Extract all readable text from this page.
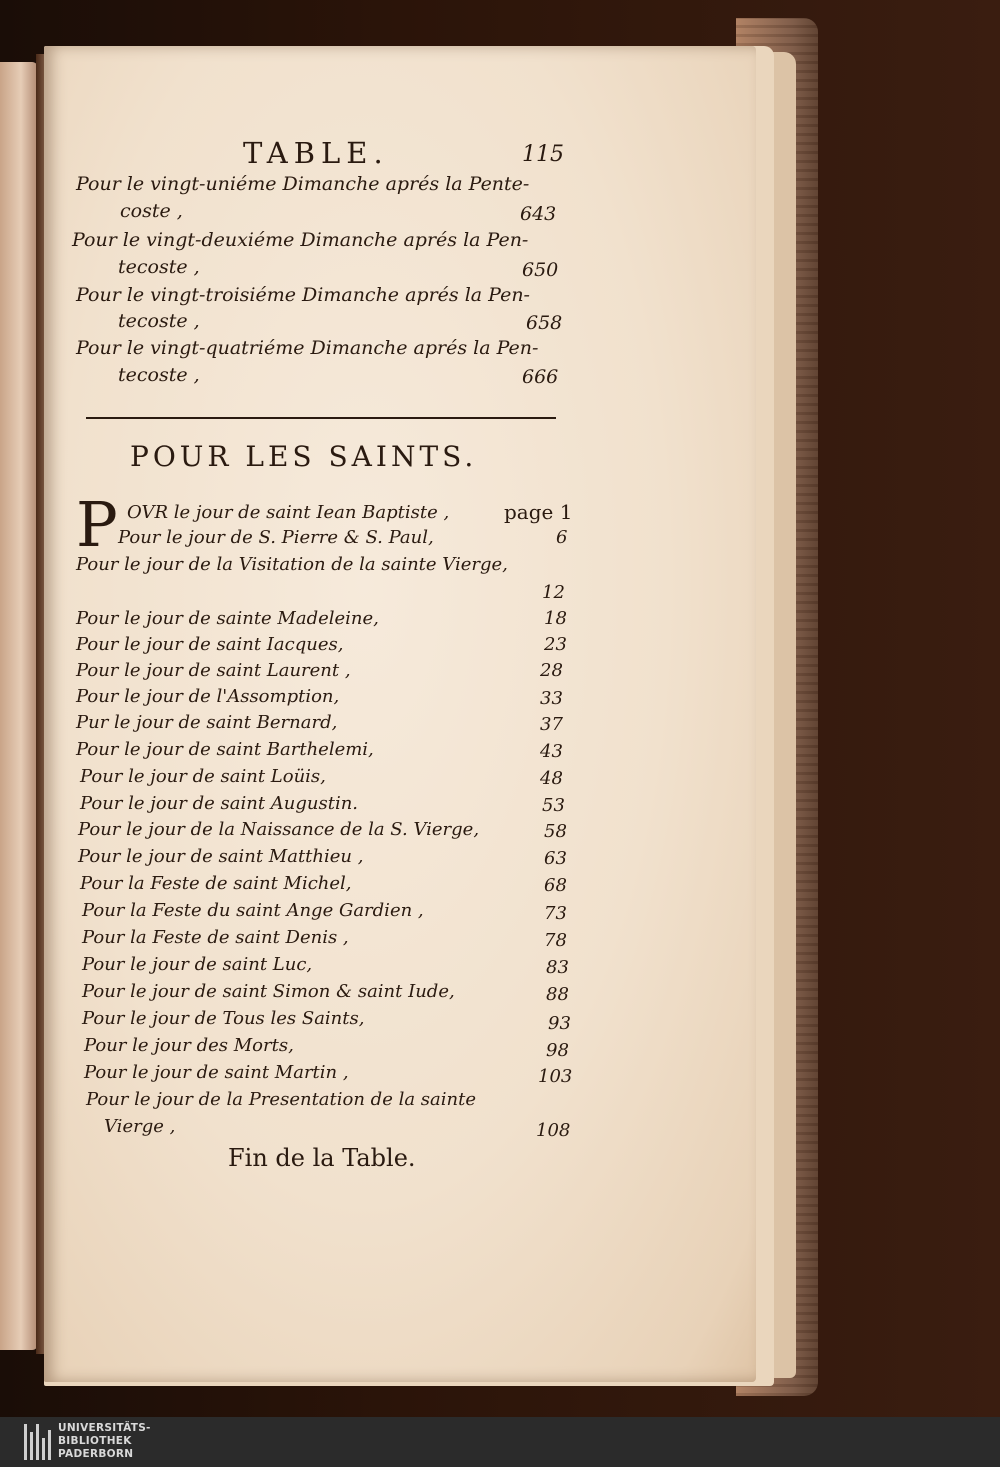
TABLE.	115
Pour le vingt-uniéme Dimanche aprés la Pente-
coste ,	643
Pour le vingt-deuxiéme Dimanche aprés la Pen-
tecoste ,	650
Pour le vingt-troisiéme Dimanche aprés la Pen-
tecoste ,	658
Pour le vingt-quatriéme Dimanche aprés la Pen-
tecoste ,	666
POUR LES SAINTS.
P OVR le jour de saint Iean Baptiste ,	page 1
Pour le jour de S. Pierre & S. Paul,	6
Pour le jour de la Visitation de la sainte Vierge,
12
Pour le jour de sainte Madeleine,	18
Pour le jour de saint Iacques,	23
Pour le jour de saint Laurent ,	28
Pour le jour de l'Assomption,	33
Pur le jour de saint Bernard,	37
Pour le jour de saint Barthelemi,	43
Pour le jour de saint Loüis,	48
Pour le jour de saint Augustin.	53
Pour le jour de la Naissance de la S. Vierge,	58
Pour le jour de saint Matthieu ,	63
Pour la Feste de saint Michel,	68
Pour la Feste du saint Ange Gardien ,	73
Pour la Feste de saint Denis ,	78
Pour le jour de saint Luc,	83
Pour le jour de saint Simon & saint Iude,	88
Pour le jour de Tous les Saints,	93
Pour le jour des Morts,	98
Pour le jour de saint Martin ,	103
Pour le jour de la Presentation de la sainte
Vierge ,	108
Fin de la Table.
UNIVERSITÄTS-
BIBLIOTHEK
PADERBORN
